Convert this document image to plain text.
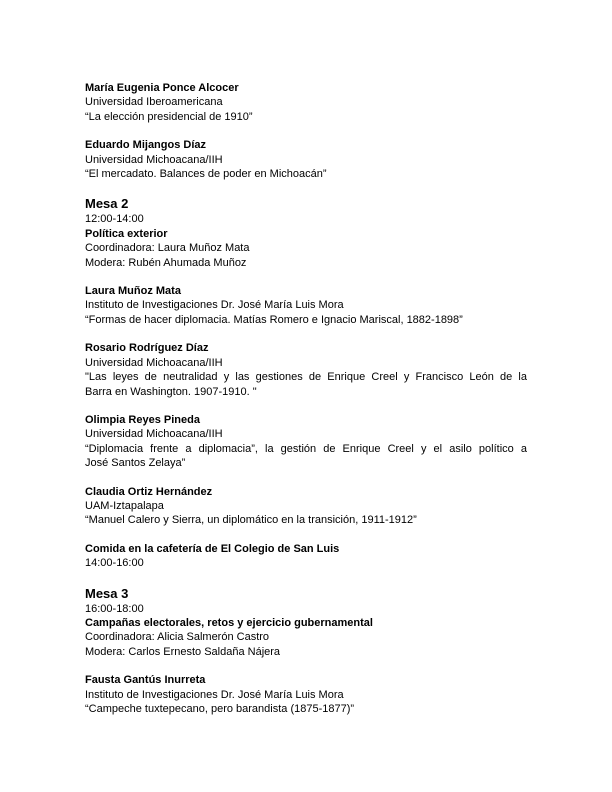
María Eugenia Ponce Alcocer

Universidad Iberoamericana

“La elección presidencial de 1910”

Eduardo Mijangos Díaz

Universidad Michoacana/IIH

“El mercadato. Balances de poder en Michoacán”

Mesa 2

12:00-14:00

Política exterior

Coordinadora: Laura Muñoz Mata

Modera: Rubén Ahumada Muñoz

Laura Muñoz Mata

Instituto de Investigaciones Dr. José María Luis Mora

“Formas de hacer diplomacia. Matías Romero e Ignacio Mariscal, 1882-1898”

Rosario Rodríguez Díaz

Universidad Michoacana/IIH

"Las leyes de neutralidad y las gestiones de Enrique Creel y Francisco León de la

Barra en Washington. 1907-1910. "

Olimpia Reyes Pineda

Universidad Michoacana/IIH

“Diplomacia frente a diplomacia”, la gestión de Enrique Creel y el asilo político a

José Santos Zelaya”

Claudia Ortiz Hernández

UAM-Iztapalapa

“Manuel Calero y Sierra, un diplomático en la transición, 1911-1912”

Comida en la cafetería de El Colegio de San Luis

14:00-16:00

Mesa 3

16:00-18:00

Campañas electorales, retos y ejercicio gubernamental

Coordinadora: Alicia Salmerón Castro

Modera: Carlos Ernesto Saldaña Nájera

Fausta Gantús Inurreta

Instituto de Investigaciones Dr. José María Luis Mora

“Campeche tuxtepecano, pero barandista (1875-1877)”
